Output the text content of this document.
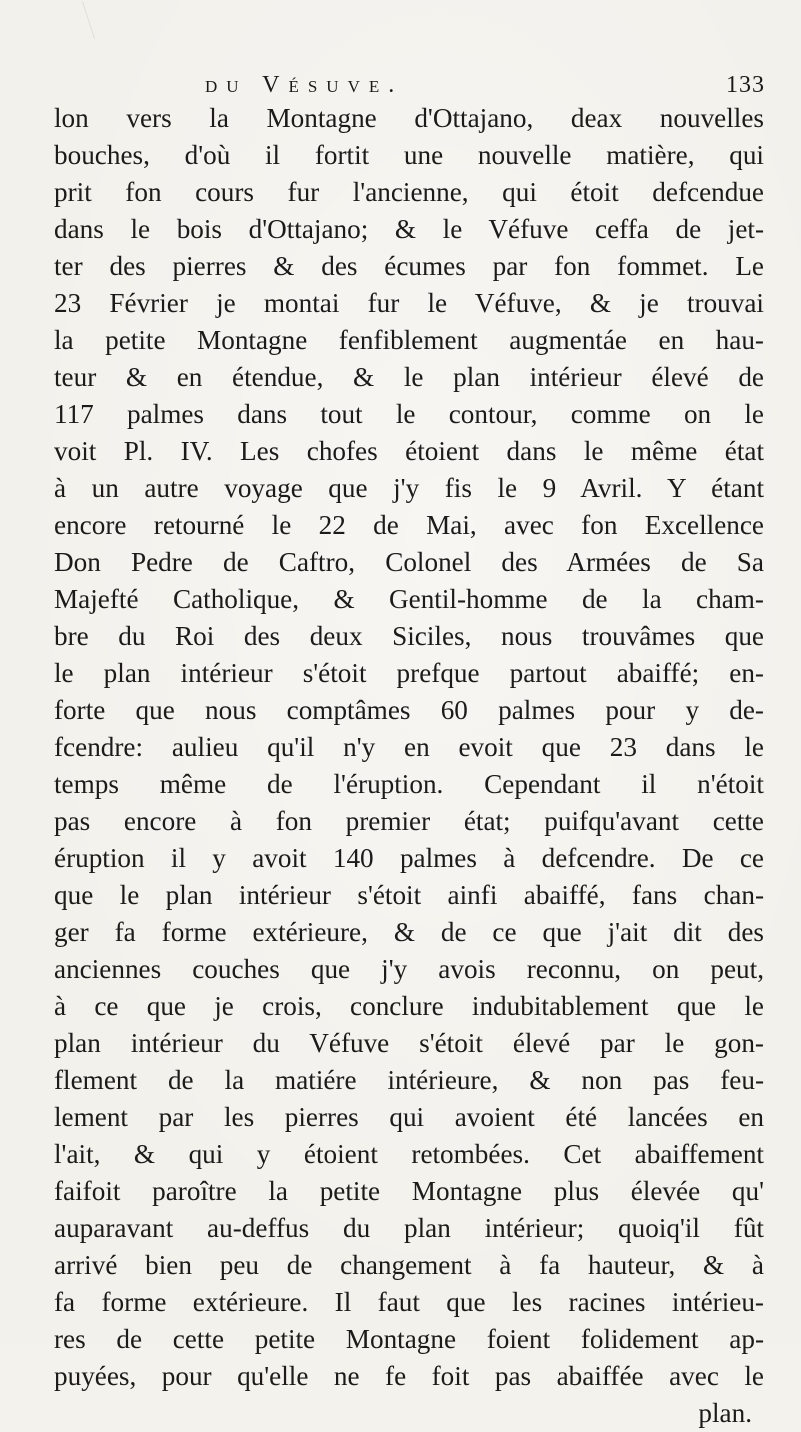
du Vésuve.	133
lon vers la Montagne d'Ottajano, deax nouvelles
bouches, d'où il fortit une nouvelle matière, qui
prit fon cours fur l'ancienne, qui étoit defcendue
dans le bois d'Ottajano; & le Véfuve ceffa de jet-
ter des pierres & des écumes par fon fommet. Le
23 Février je montai fur le Véfuve, & je trouvai
la petite Montagne fenfiblement augmentáe en hau-
teur & en étendue, & le plan intérieur élevé de
117 palmes dans tout le contour, comme on le
voit Pl. IV. Les chofes étoient dans le même état
à un autre voyage que j'y fis le 9 Avril. Y étant
encore retourné le 22 de Mai, avec fon Excellence
Don Pedre de Caftro, Colonel des Armées de Sa
Majefté Catholique, & Gentil-homme de la cham-
bre du Roi des deux Siciles, nous trouvâmes que
le plan intérieur s'étoit prefque partout abaiffé; en-
forte que nous comptâmes 60 palmes pour y de-
fcendre: aulieu qu'il n'y en evoit que 23 dans le
temps même de l'éruption. Cependant il n'étoit
pas encore à fon premier état; puifqu'avant cette
éruption il y avoit 140 palmes à defcendre. De ce
que le plan intérieur s'étoit ainfi abaiffé, fans chan-
ger fa forme extérieure, & de ce que j'ait dit des
anciennes couches que j'y avois reconnu, on peut,
à ce que je crois, conclure indubitablement que le
plan intérieur du Véfuve s'étoit élevé par le gon-
flement de la matiére intérieure, & non pas feu-
lement par les pierres qui avoient été lancées en
l'ait, & qui y étoient retombées. Cet abaiffement
faifoit paroître la petite Montagne plus élevée qu'
auparavant au-deffus du plan intérieur; quoiq'il fût
arrivé bien peu de changement à fa hauteur, & à
fa forme extérieure. Il faut que les racines intérieu-
res de cette petite Montagne foient folidement ap-
puyées, pour qu'elle ne fe foit pas abaiffée avec le
plan.
